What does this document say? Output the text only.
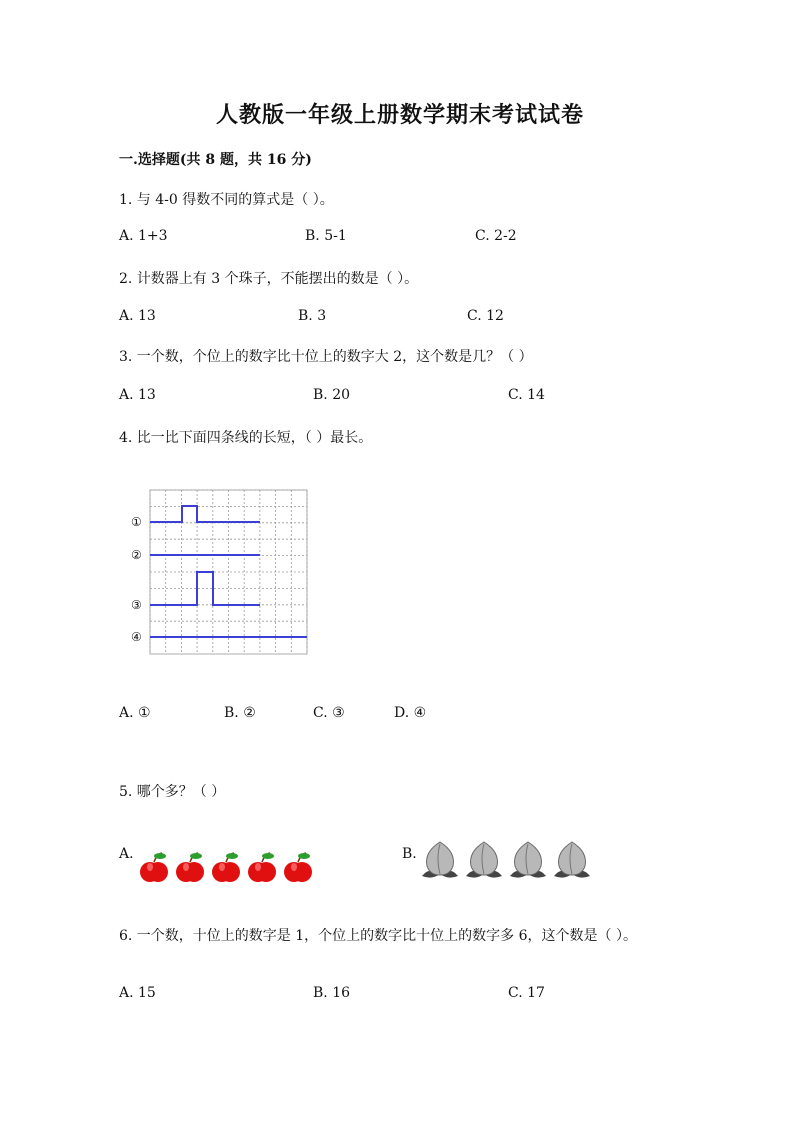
人教版一年级上册数学期末考试试卷
一.选择题(共 8 题，共 16 分)
1. 与 4-0 得数不同的算式是（ ）。
A. 1+3	B. 5-1	C. 2-2
2. 计数器上有 3 个珠子，不能摆出的数是（ ）。
A. 13	B. 3	C. 12
3. 一个数，个位上的数字比十位上的数字大 2，这个数是几？（ ）
A. 13	B. 20	C. 14
4. 比一比下面四条线的长短，（ ）最长。
①
②
③
④
A. ①	B. ②	C. ③	D. ④
5. 哪个多？（ ）
A.	B.
6. 一个数，十位上的数字是 1，个位上的数字比十位上的数字多 6，这个数是（ ）。
A. 15	B. 16	C. 17
